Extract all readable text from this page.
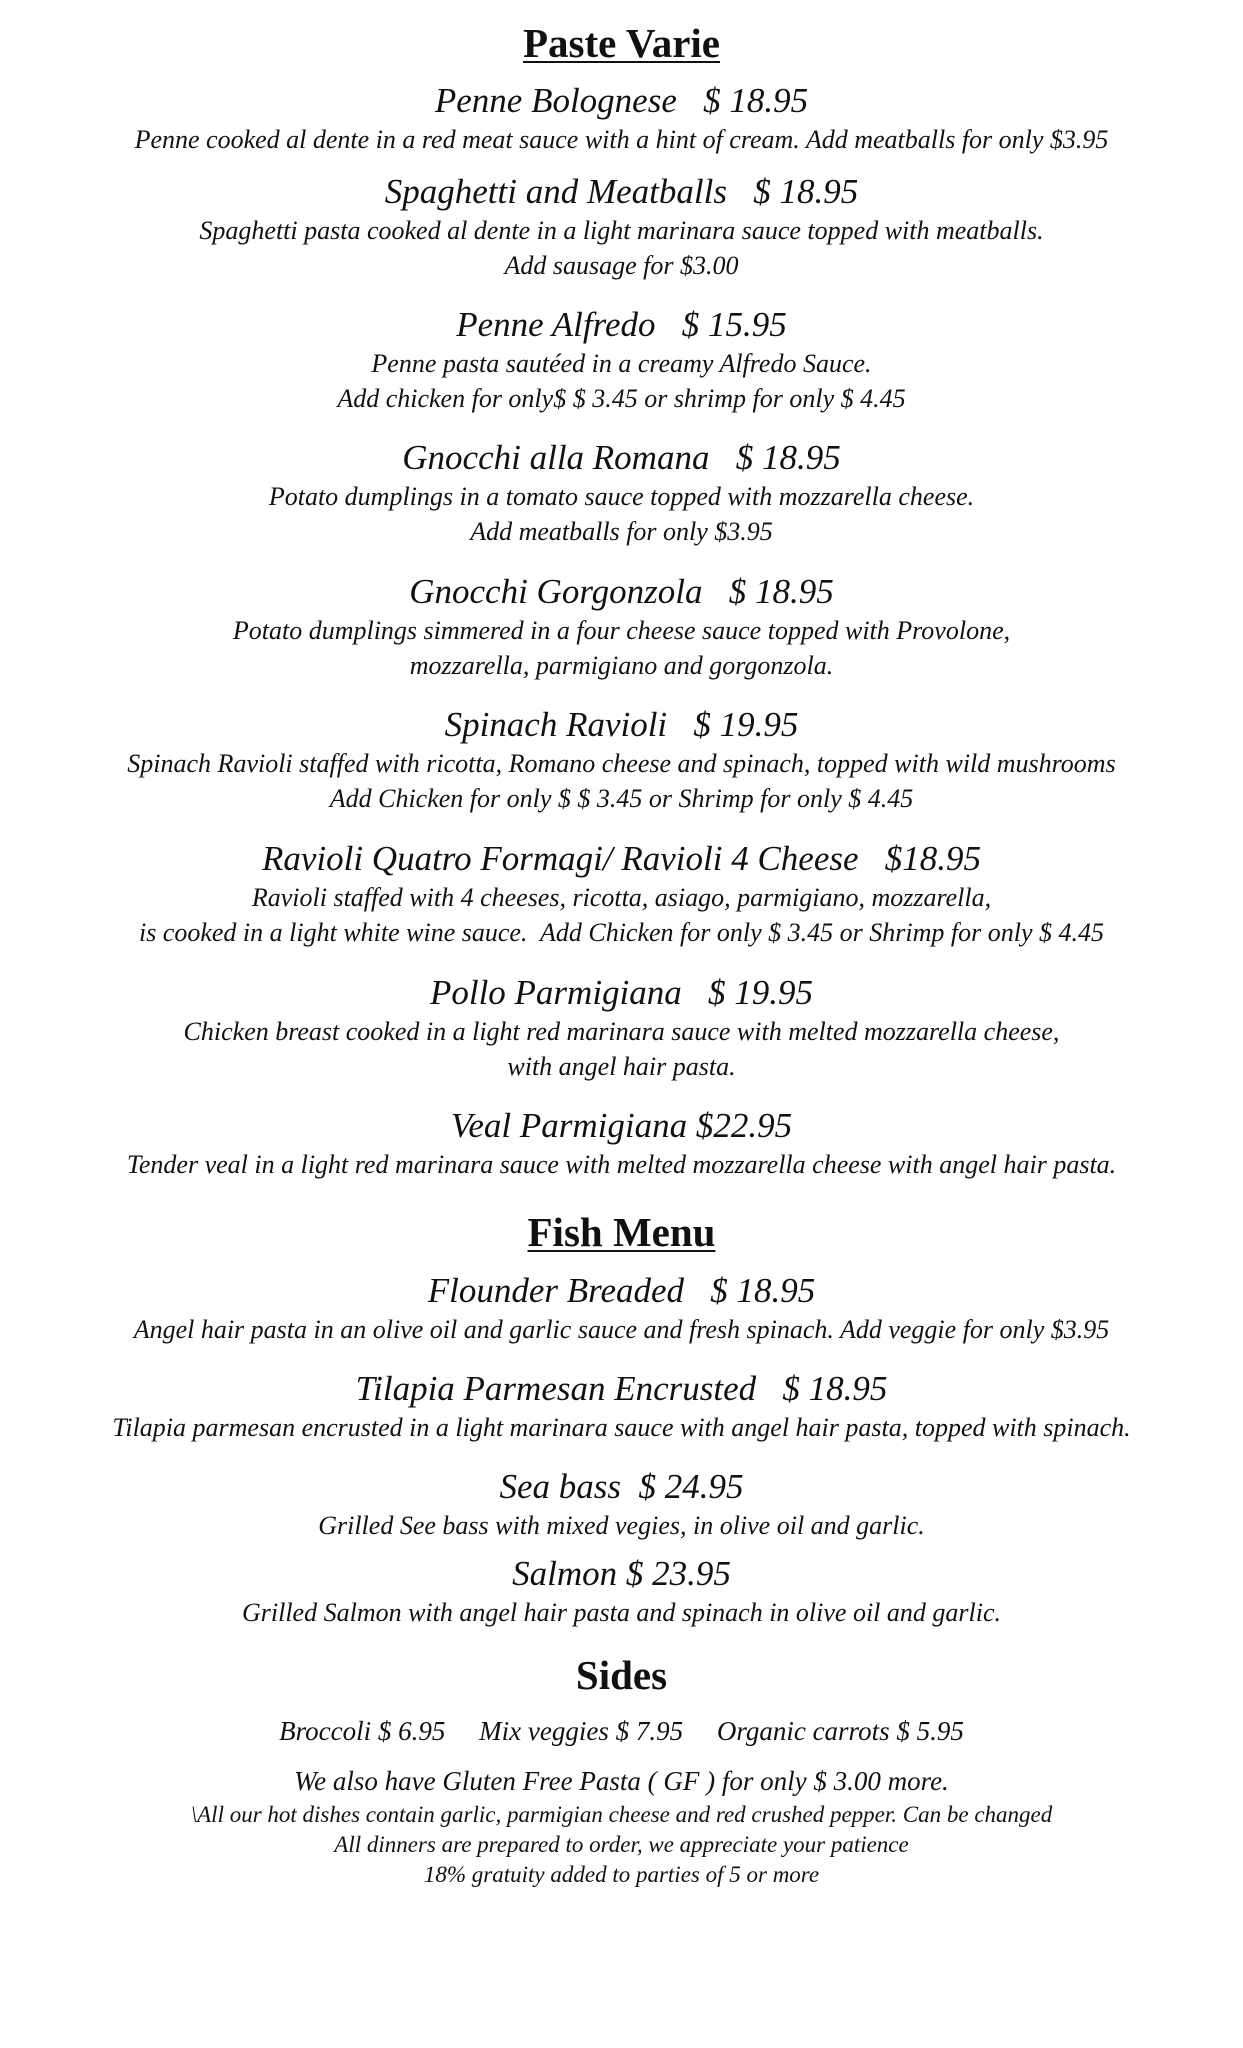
Paste Varie

Penne Bolognese   $ 18.95

Penne cooked al dente in a red meat sauce with a hint of cream. Add meatballs for only $3.95

Spaghetti and Meatballs   $ 18.95

Spaghetti pasta cooked al dente in a light marinara sauce topped with meatballs.

Add sausage for $3.00

Penne Alfredo   $ 15.95

Penne pasta sautéed in a creamy Alfredo Sauce.

Add chicken for only$ $ 3.45 or shrimp for only $ 4.45

Gnocchi alla Romana   $ 18.95

Potato dumplings in a tomato sauce topped with mozzarella cheese.

Add meatballs for only $3.95

Gnocchi Gorgonzola   $ 18.95

Potato dumplings simmered in a four cheese sauce topped with Provolone,

mozzarella, parmigiano and gorgonzola.

Spinach Ravioli   $ 19.95

Spinach Ravioli staffed with ricotta, Romano cheese and spinach, topped with wild mushrooms

Add Chicken for only $ $ 3.45 or Shrimp for only $ 4.45

Ravioli Quatro Formagi/ Ravioli 4 Cheese   $18.95

Ravioli staffed with 4 cheeses, ricotta, asiago, parmigiano, mozzarella,

is cooked in a light white wine sauce.  Add Chicken for only $ 3.45 or Shrimp for only $ 4.45

Pollo Parmigiana   $ 19.95

Chicken breast cooked in a light red marinara sauce with melted mozzarella cheese,

with angel hair pasta.

Veal Parmigiana $22.95

Tender veal in a light red marinara sauce with melted mozzarella cheese with angel hair pasta.

Fish Menu

Flounder Breaded   $ 18.95

Angel hair pasta in an olive oil and garlic sauce and fresh spinach. Add veggie for only $3.95

Tilapia Parmesan Encrusted   $ 18.95

Tilapia parmesan encrusted in a light marinara sauce with angel hair pasta, topped with spinach.

Sea bass  $ 24.95

Grilled See bass with mixed vegies, in olive oil and garlic.

Salmon $ 23.95

Grilled Salmon with angel hair pasta and spinach in olive oil and garlic.

Sides
Broccoli $ 6.95     Mix veggies $ 7.95     Organic carrots $ 5.95
We also have Gluten Free Pasta ( GF ) for only $ 3.00 more.
\All our hot dishes contain garlic, parmigian cheese and red crushed pepper. Can be changed
All dinners are prepared to order, we appreciate your patience
18% gratuity added to parties of 5 or more
